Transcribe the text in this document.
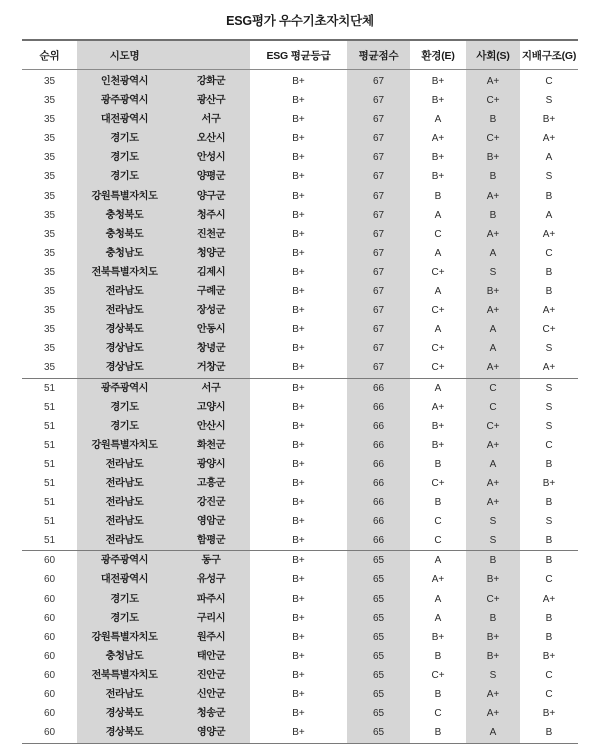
ESG평가 우수기초자치단체
순위	시도명		ESG 평균등급	평균점수	환경(E)	사회(S)	지배구조(G)
35	인천광역시	강화군	B+	67	B+	A+	C
35	광주광역시	광산구	B+	67	B+	C+	S
35	대전광역시	서구	B+	67	A	B	B+
35	경기도	오산시	B+	67	A+	C+	A+
35	경기도	안성시	B+	67	B+	B+	A
35	경기도	양평군	B+	67	B+	B	S
35	강원특별자치도	양구군	B+	67	B	A+	B
35	충청북도	청주시	B+	67	A	B	A
35	충청북도	진천군	B+	67	C	A+	A+
35	충청남도	청양군	B+	67	A	A	C
35	전북특별자치도	김제시	B+	67	C+	S	B
35	전라남도	구례군	B+	67	A	B+	B
35	전라남도	장성군	B+	67	C+	A+	A+
35	경상북도	안동시	B+	67	A	A	C+
35	경상남도	창녕군	B+	67	C+	A	S
35	경상남도	거창군	B+	67	C+	A+	A+
51	광주광역시	서구	B+	66	A	C	S
51	경기도	고양시	B+	66	A+	C	S
51	경기도	안산시	B+	66	B+	C+	S
51	강원특별자치도	화천군	B+	66	B+	A+	C
51	전라남도	광양시	B+	66	B	A	B
51	전라남도	고흥군	B+	66	C+	A+	B+
51	전라남도	강진군	B+	66	B	A+	B
51	전라남도	영암군	B+	66	C	S	S
51	전라남도	함평군	B+	66	C	S	B
60	광주광역시	동구	B+	65	A	B	B
60	대전광역시	유성구	B+	65	A+	B+	C
60	경기도	파주시	B+	65	A	C+	A+
60	경기도	구리시	B+	65	A	B	B
60	강원특별자치도	원주시	B+	65	B+	B+	B
60	충청남도	태안군	B+	65	B	B+	B+
60	전북특별자치도	진안군	B+	65	C+	S	C
60	전라남도	신안군	B+	65	B	A+	C
60	경상북도	청송군	B+	65	C	A+	B+
60	경상북도	영양군	B+	65	B	A	B
